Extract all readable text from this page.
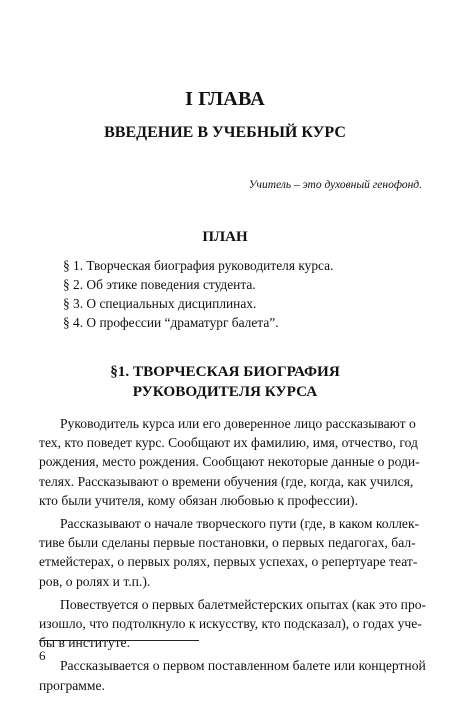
I ГЛАВА
ВВЕДЕНИЕ В УЧЕБНЫЙ КУРС
Учитель – это духовный генофонд.
ПЛАН
§ 1. Творческая биография руководителя курса.
§ 2. Об этике поведения студента.
§ 3. О специальных дисциплинах.
§ 4. О профессии “драматург балета”.
§1. ТВОРЧЕСКАЯ БИОГРАФИЯ
РУКОВОДИТЕЛЯ КУРСА
Руководитель курса или его доверенное лицо рассказывают о
тех, кто поведет курс. Сообщают их фамилию, имя, отчество, год
рождения, место рождения. Сообщают некоторые данные о роди-
телях. Рассказывают о времени обучения (где, когда, как учился,
кто были учителя, кому обязан любовью к профессии).
Рассказывают о начале творческого пути (где, в каком коллек-
тиве были сделаны первые постановки, о первых педагогах, бал-
етмейстерах, о первых ролях, первых успехах, о репертуаре теат-
ров, о ролях и т.п.).
Повествуется о первых балетмейстерских опытах (как это про-
изошло, что подтолкнуло к искусству, кто подсказал), о годах уче-
бы в институте.
Рассказывается о первом поставленном балете или концертной
программе.
6
